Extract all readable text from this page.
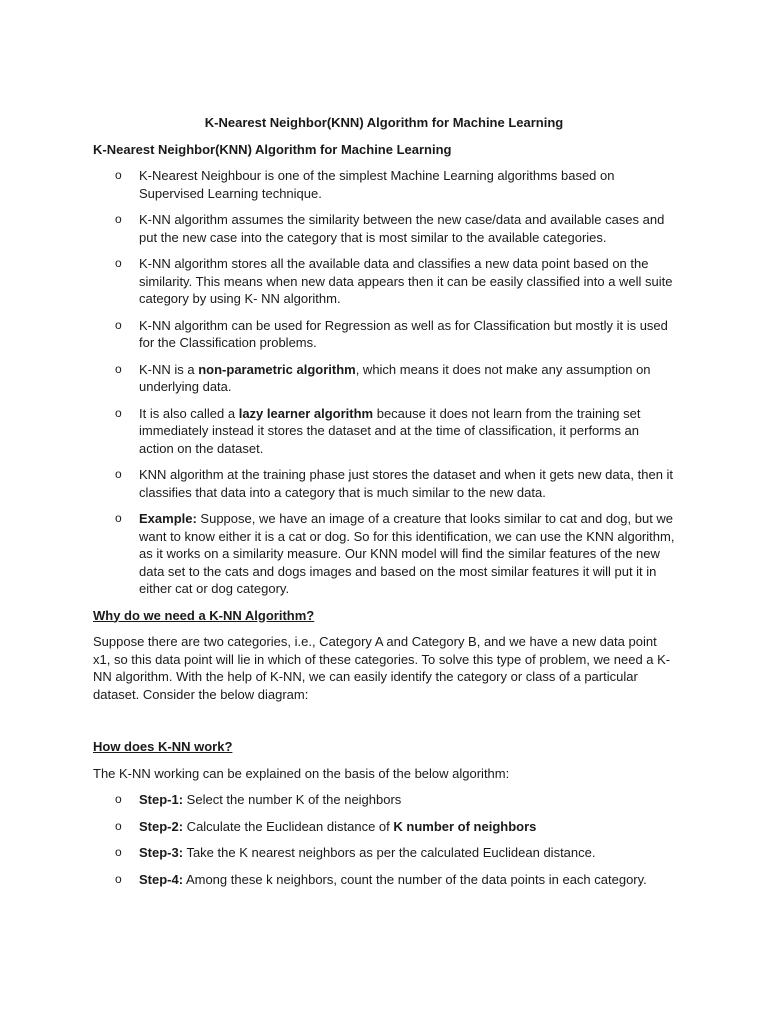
K-Nearest Neighbor(KNN) Algorithm for Machine Learning
K-Nearest Neighbor(KNN) Algorithm for Machine Learning
o K-Nearest Neighbour is one of the simplest Machine Learning algorithms based on Supervised Learning technique.
o K-NN algorithm assumes the similarity between the new case/data and available cases and put the new case into the category that is most similar to the available categories.
o K-NN algorithm stores all the available data and classifies a new data point based on the similarity. This means when new data appears then it can be easily classified into a well suite category by using K- NN algorithm.
o K-NN algorithm can be used for Regression as well as for Classification but mostly it is used for the Classification problems.
o K-NN is a non-parametric algorithm, which means it does not make any assumption on underlying data.
o It is also called a lazy learner algorithm because it does not learn from the training set immediately instead it stores the dataset and at the time of classification, it performs an action on the dataset.
o KNN algorithm at the training phase just stores the dataset and when it gets new data, then it classifies that data into a category that is much similar to the new data.
o Example: Suppose, we have an image of a creature that looks similar to cat and dog, but we want to know either it is a cat or dog. So for this identification, we can use the KNN algorithm, as it works on a similarity measure. Our KNN model will find the similar features of the new data set to the cats and dogs images and based on the most similar features it will put it in either cat or dog category.
Why do we need a K-NN Algorithm?

Suppose there are two categories, i.e., Category A and Category B, and we have a new data point x1, so this data point will lie in which of these categories. To solve this type of problem, we need a K-NN algorithm. With the help of K-NN, we can easily identify the category or class of a particular dataset. Consider the below diagram:

How does K-NN work?

The K-NN working can be explained on the basis of the below algorithm:

o Step-1: Select the number K of the neighbors
o Step-2: Calculate the Euclidean distance of K number of neighbors
o Step-3: Take the K nearest neighbors as per the calculated Euclidean distance.
o Step-4: Among these k neighbors, count the number of the data points in each category.
